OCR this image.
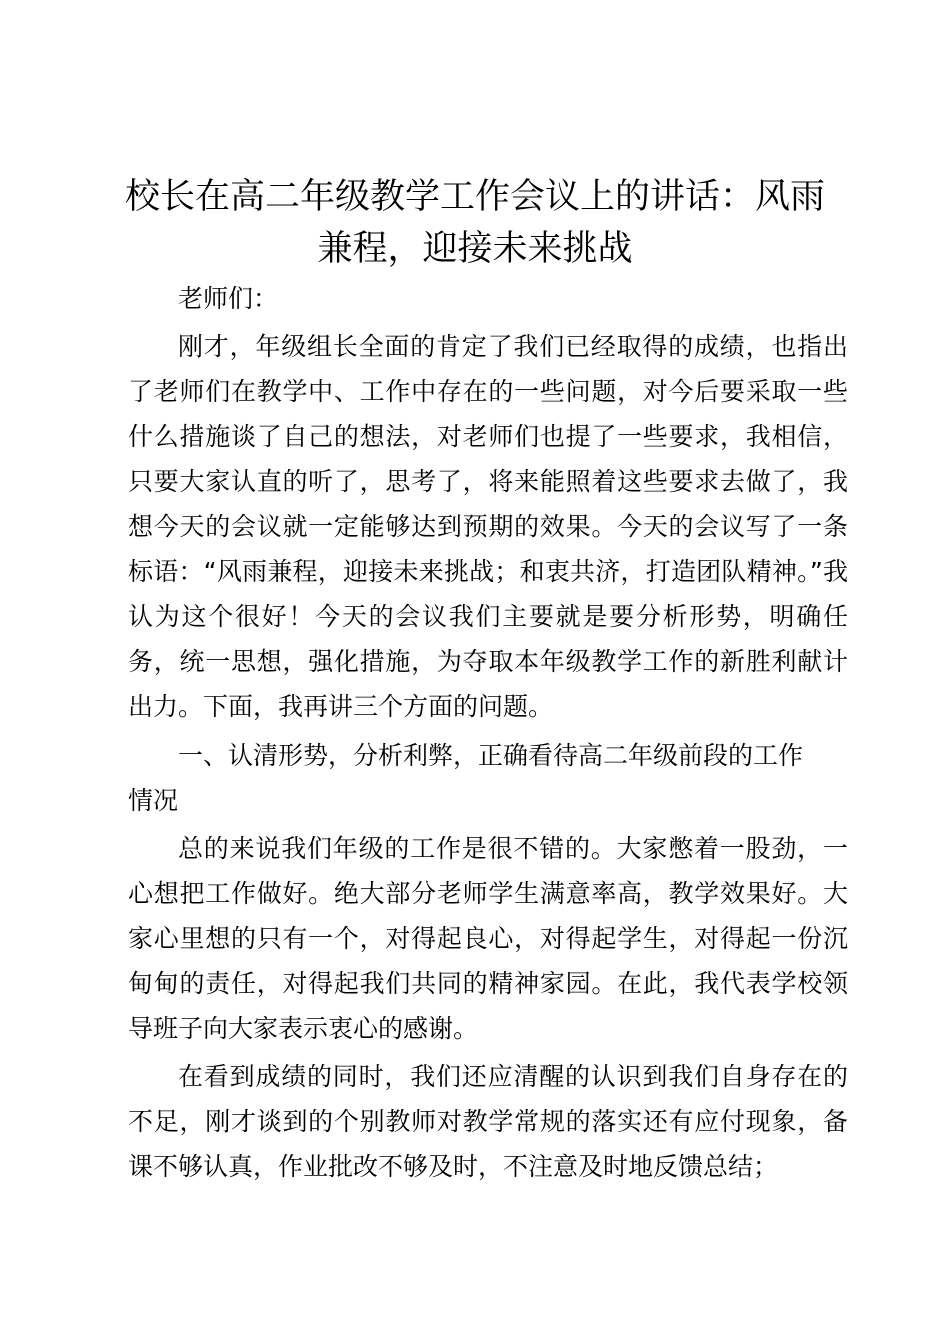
校长在高二年级教学工作会议上的讲话：风雨兼程，迎接未来挑战

老师们：

刚才，年级组长全面的肯定了我们已经取得的成绩，也指出了老师们在教学中、工作中存在的一些问题，对今后要采取一些什么措施谈了自己的想法，对老师们也提了一些要求，我相信，只要大家认直的听了，思考了，将来能照着这些要求去做了，我想今天的会议就一定能够达到预期的效果。今天的会议写了一条标语：“风雨兼程，迎接未来挑战；和衷共济，打造团队精神。”我认为这个很好！今天的会议我们主要就是要分析形势，明确任务，统一思想，强化措施，为夺取本年级教学工作的新胜利献计出力。下面，我再讲三个方面的问题。

一、认清形势，分析利弊，正确看待高二年级前段的工作情况

总的来说我们年级的工作是很不错的。大家憋着一股劲，一心想把工作做好。绝大部分老师学生满意率高，教学效果好。大家心里想的只有一个，对得起良心，对得起学生，对得起一份沉甸甸的责任，对得起我们共同的精神家园。在此，我代表学校领导班子向大家表示衷心的感谢。

在看到成绩的同时，我们还应清醒的认识到我们自身存在的不足，刚才谈到的个别教师对教学常规的落实还有应付现象，备课不够认真，作业批改不够及时，不注意及时地反馈总结；
